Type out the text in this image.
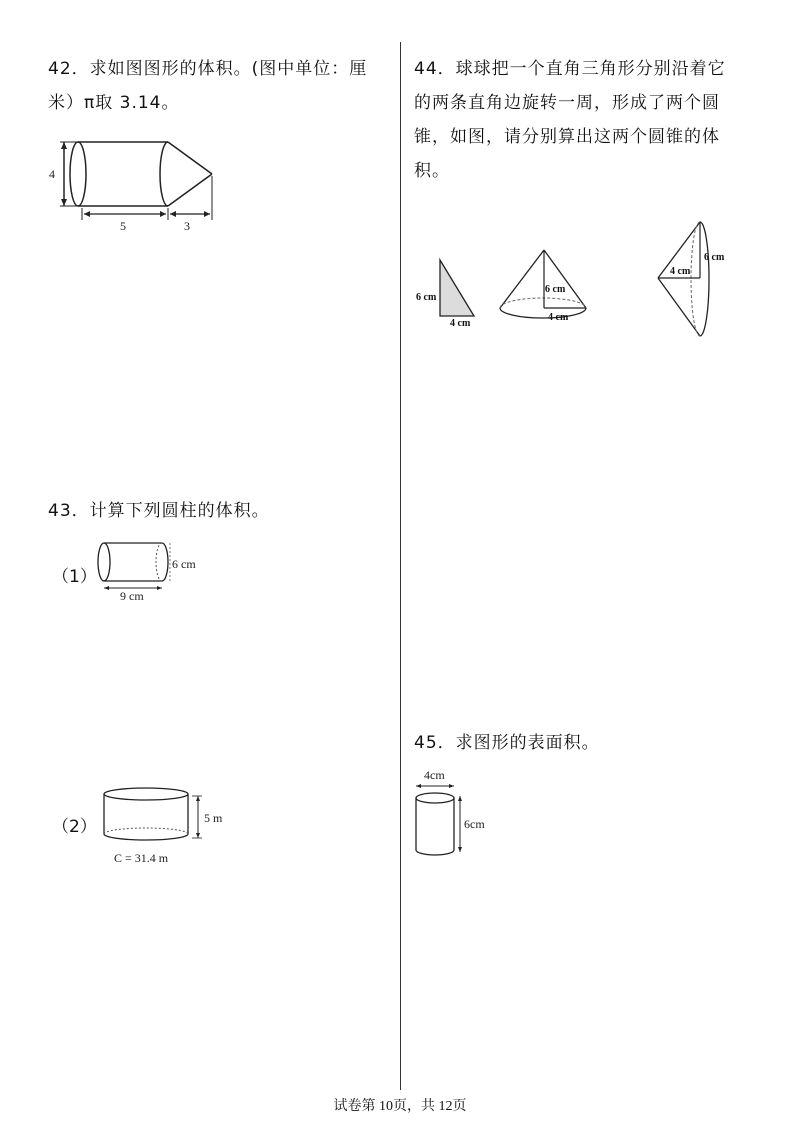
42．求如图图形的体积。(图中单位：厘
米）π取 3.14。
4
5	3
43．计算下列圆柱的体积。
（1）
6 cm
9 cm
（2）	5 m
C = 31.4 m
44．球球把一个直角三角形分别沿着它
的两条直角边旋转一周，形成了两个圆
锥，如图，请分别算出这两个圆锥的体
积。
6 cm
4 cm
6 cm
4 cm
6 cm
4 cm
45．求图形的表面积。
4cm
6cm
试卷第 10页，共 12页
